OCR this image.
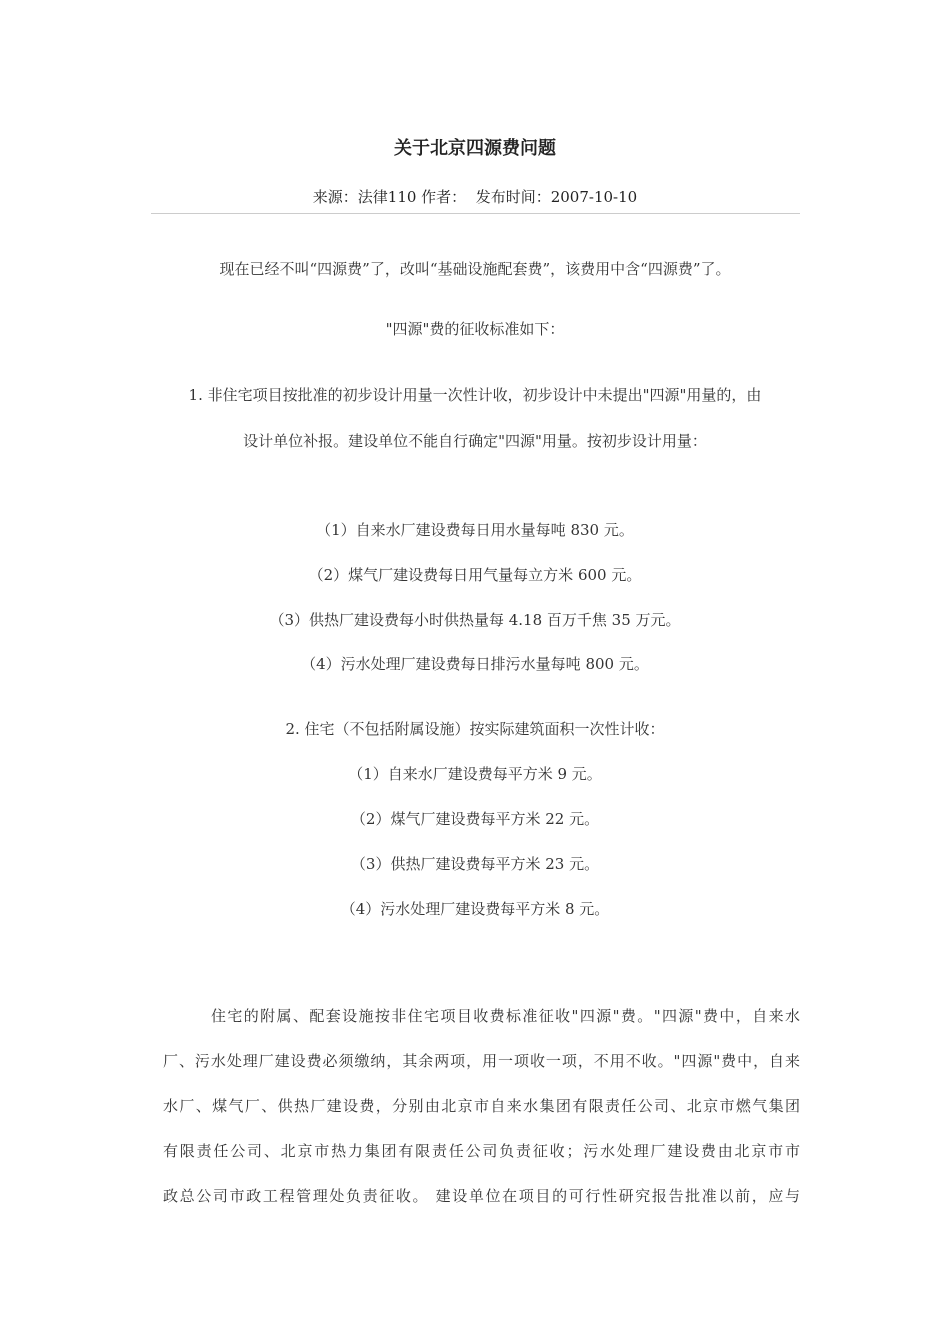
关于北京四源费问题
来源：法律110 作者：  发布时间：2007-10-10
现在已经不叫“四源费”了，改叫“基础设施配套费”，该费用中含“四源费”了。
"四源"费的征收标准如下：
1. 非住宅项目按批准的初步设计用量一次性计收，初步设计中未提出"四源"用量的，由
设计单位补报。建设单位不能自行确定"四源"用量。按初步设计用量：
（1）自来水厂建设费每日用水量每吨 830 元。
（2）煤气厂建设费每日用气量每立方米 600 元。
（3）供热厂建设费每小时供热量每 4.18 百万千焦 35 万元。
（4）污水处理厂建设费每日排污水量每吨 800 元。
2. 住宅（不包括附属设施）按实际建筑面积一次性计收：
（1）自来水厂建设费每平方米 9 元。
（2）煤气厂建设费每平方米 22 元。
（3）供热厂建设费每平方米 23 元。
（4）污水处理厂建设费每平方米 8 元。
住宅的附属、配套设施按非住宅项目收费标准征收"四源"费。"四源"费中，自来水
厂、污水处理厂建设费必须缴纳，其余两项，用一项收一项，不用不收。"四源"费中，自来
水厂、煤气厂、供热厂建设费，分别由北京市自来水集团有限责任公司、北京市燃气集团
有限责任公司、北京市热力集团有限责任公司负责征收；污水处理厂建设费由北京市市
政总公司市政工程管理处负责征收。 建设单位在项目的可行性研究报告批准以前，应与
